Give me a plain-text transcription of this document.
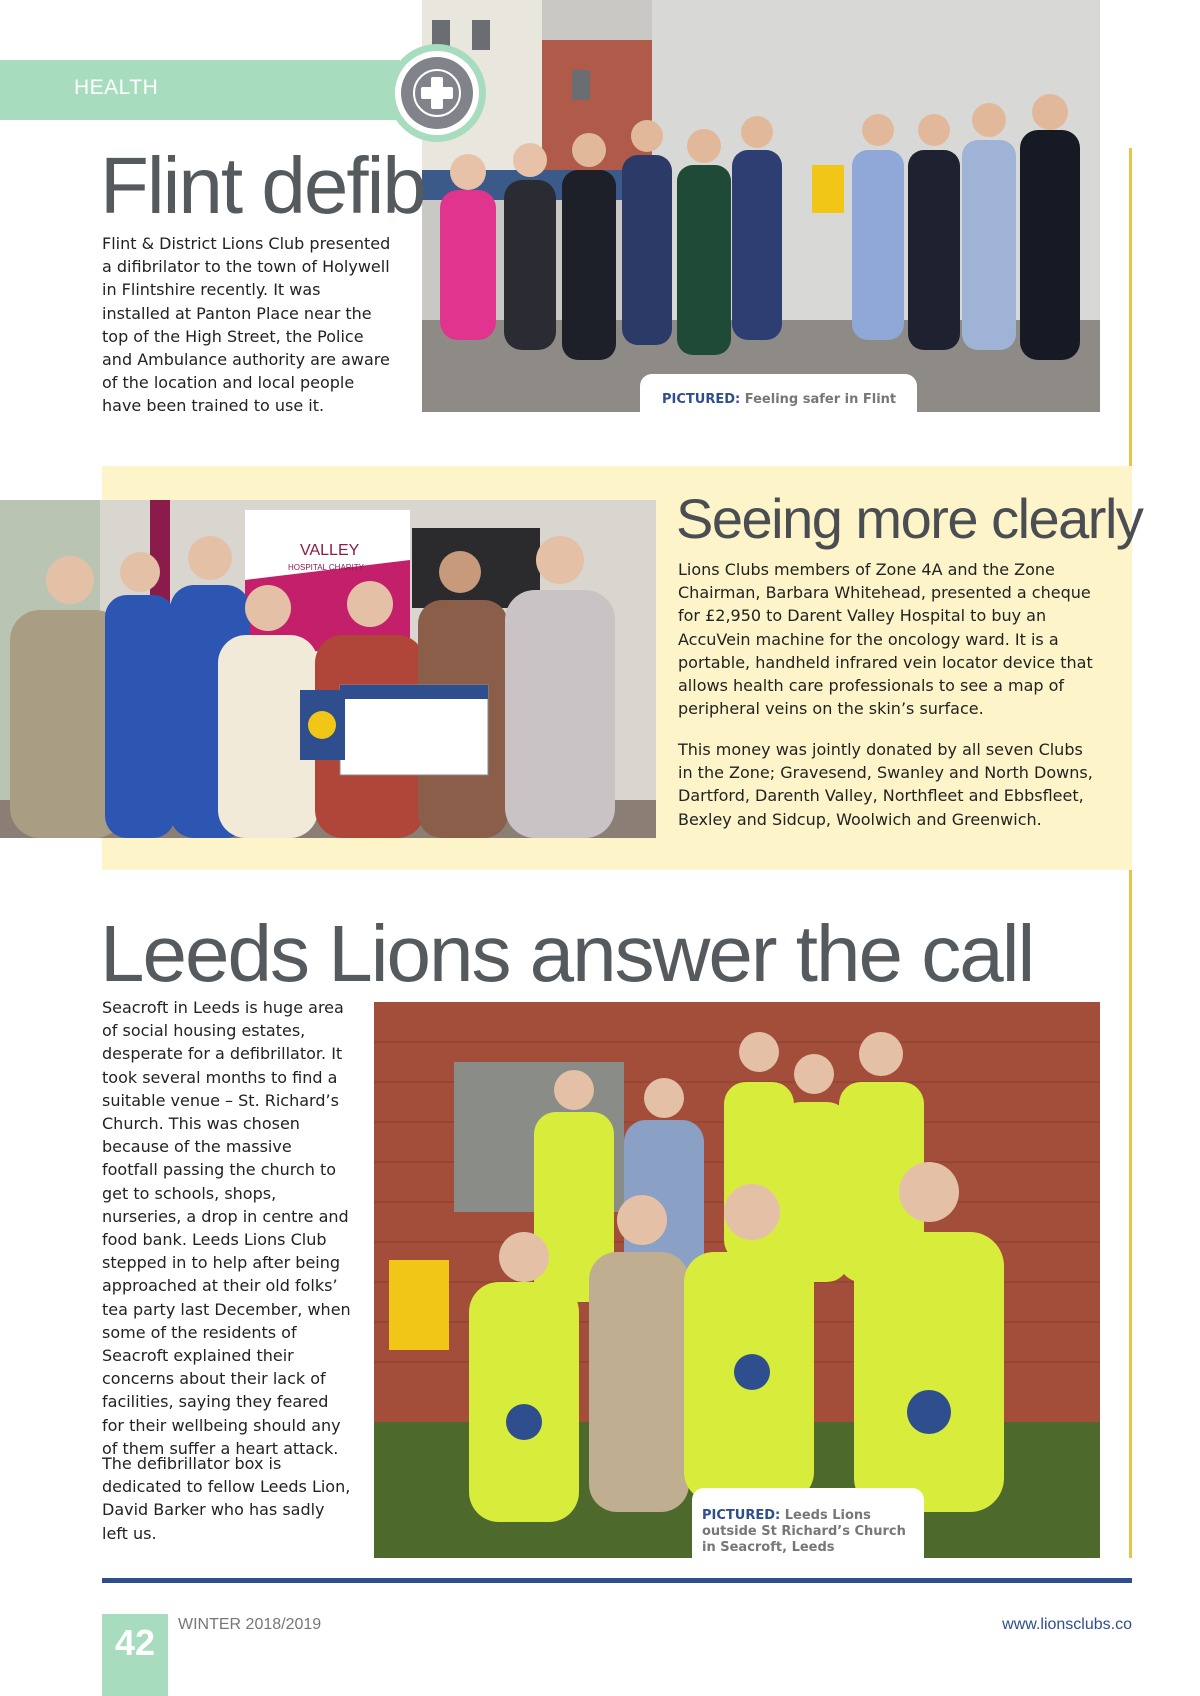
HEALTH
Flint defib

Flint & District Lions Club presented a difibrilator to the town of Holywell in Flintshire recently. It was installed at Panton Place near the top of the High Street, the Police and Ambulance authority are aware of the location and local people have been trained to use it.	PICTURED: Feeling safer in Flint
VALLEY
HOSPITAL CHARITY
Seeing more clearly

Lions Clubs members of Zone 4A and the Zone Chairman, Barbara Whitehead, presented a cheque for £2,950 to Darent Valley Hospital to buy an AccuVein machine for the oncology ward. It is a portable, handheld infrared vein locator device that allows health care professionals to see a map of peripheral veins on the skin’s surface.

This money was jointly donated by all seven Clubs in the Zone; Gravesend, Swanley and North Downs, Dartford, Darenth Valley, Northfleet and Ebbsfleet, Bexley and Sidcup, Woolwich and Greenwich.

Leeds Lions answer the call

Seacroft in Leeds is huge area of social housing estates, desperate for a defibrillator. It took several months to find a suitable venue – St. Richard’s Church. This was chosen because of the massive footfall passing the church to get to schools, shops, nurseries, a drop in centre and food bank. Leeds Lions Club stepped in to help after being approached at their old folks’ tea party last December, when some of the residents of Seacroft explained their concerns about their lack of facilities, saying they feared for their wellbeing should any of them suffer a heart attack.

The defibrillator box is dedicated to fellow Leeds Lion, David Barker who has sadly left us.

PICTURED: Leeds Lions outside St Richard’s Church in Seacroft, Leeds
42	WINTER 2018/2019	www.lionsclubs.co
